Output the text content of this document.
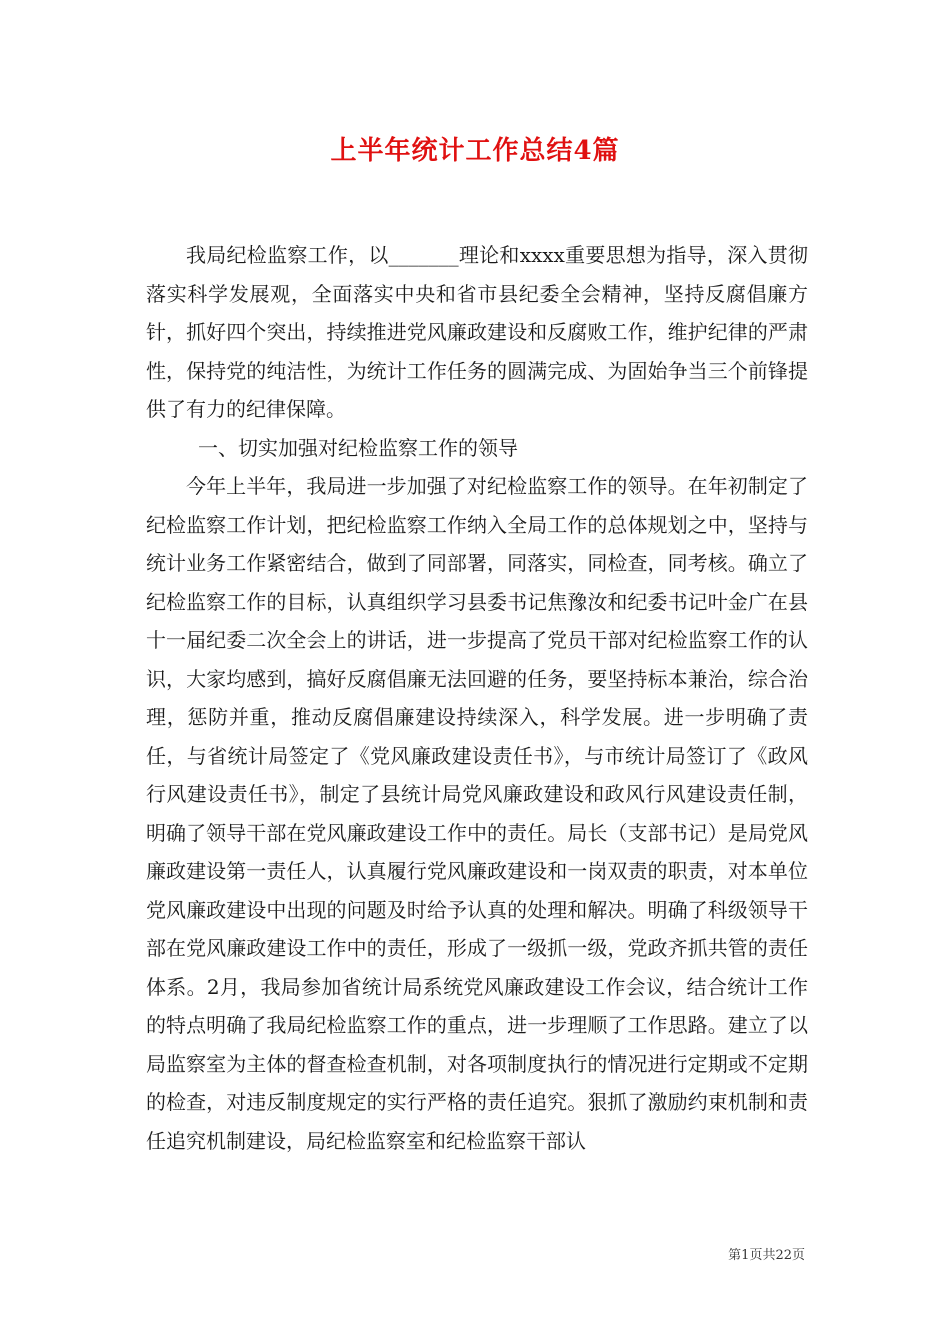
上半年统计工作总结4篇

我局纪检监察工作，以_______理论和xxxx重要思想为指导，深入贯彻落实科学发展观，全面落实中央和省市县纪委全会精神，坚持反腐倡廉方针，抓好四个突出，持续推进党风廉政建设和反腐败工作，维护纪律的严肃性，保持党的纯洁性，为统计工作任务的圆满完成、为固始争当三个前锋提供了有力的纪律保障。

一、切实加强对纪检监察工作的领导

今年上半年，我局进一步加强了对纪检监察工作的领导。在年初制定了纪检监察工作计划，把纪检监察工作纳入全局工作的总体规划之中，坚持与统计业务工作紧密结合，做到了同部署，同落实，同检查，同考核。确立了纪检监察工作的目标，认真组织学习县委书记焦豫汝和纪委书记叶金广在县十一届纪委二次全会上的讲话，进一步提高了党员干部对纪检监察工作的认识，大家均感到，搞好反腐倡廉无法回避的任务，要坚持标本兼治，综合治理，惩防并重，推动反腐倡廉建设持续深入，科学发展。进一步明确了责任，与省统计局签定了《党风廉政建设责任书》，与市统计局签订了《政风行风建设责任书》，制定了县统计局党风廉政建设和政风行风建设责任制，明确了领导干部在党风廉政建设工作中的责任。局长（支部书记）是局党风廉政建设第一责任人，认真履行党风廉政建设和一岗双责的职责，对本单位党风廉政建设中出现的问题及时给予认真的处理和解决。明确了科级领导干部在党风廉政建设工作中的责任，形成了一级抓一级，党政齐抓共管的责任体系。2月，我局参加省统计局系统党风廉政建设工作会议，结合统计工作的特点明确了我局纪检监察工作的重点，进一步理顺了工作思路。建立了以局监察室为主体的督查检查机制，对各项制度执行的情况进行定期或不定期的检查，对违反制度规定的实行严格的责任追究。狠抓了激励约束机制和责任追究机制建设，局纪检监察室和纪检监察干部认

第1页共22页
